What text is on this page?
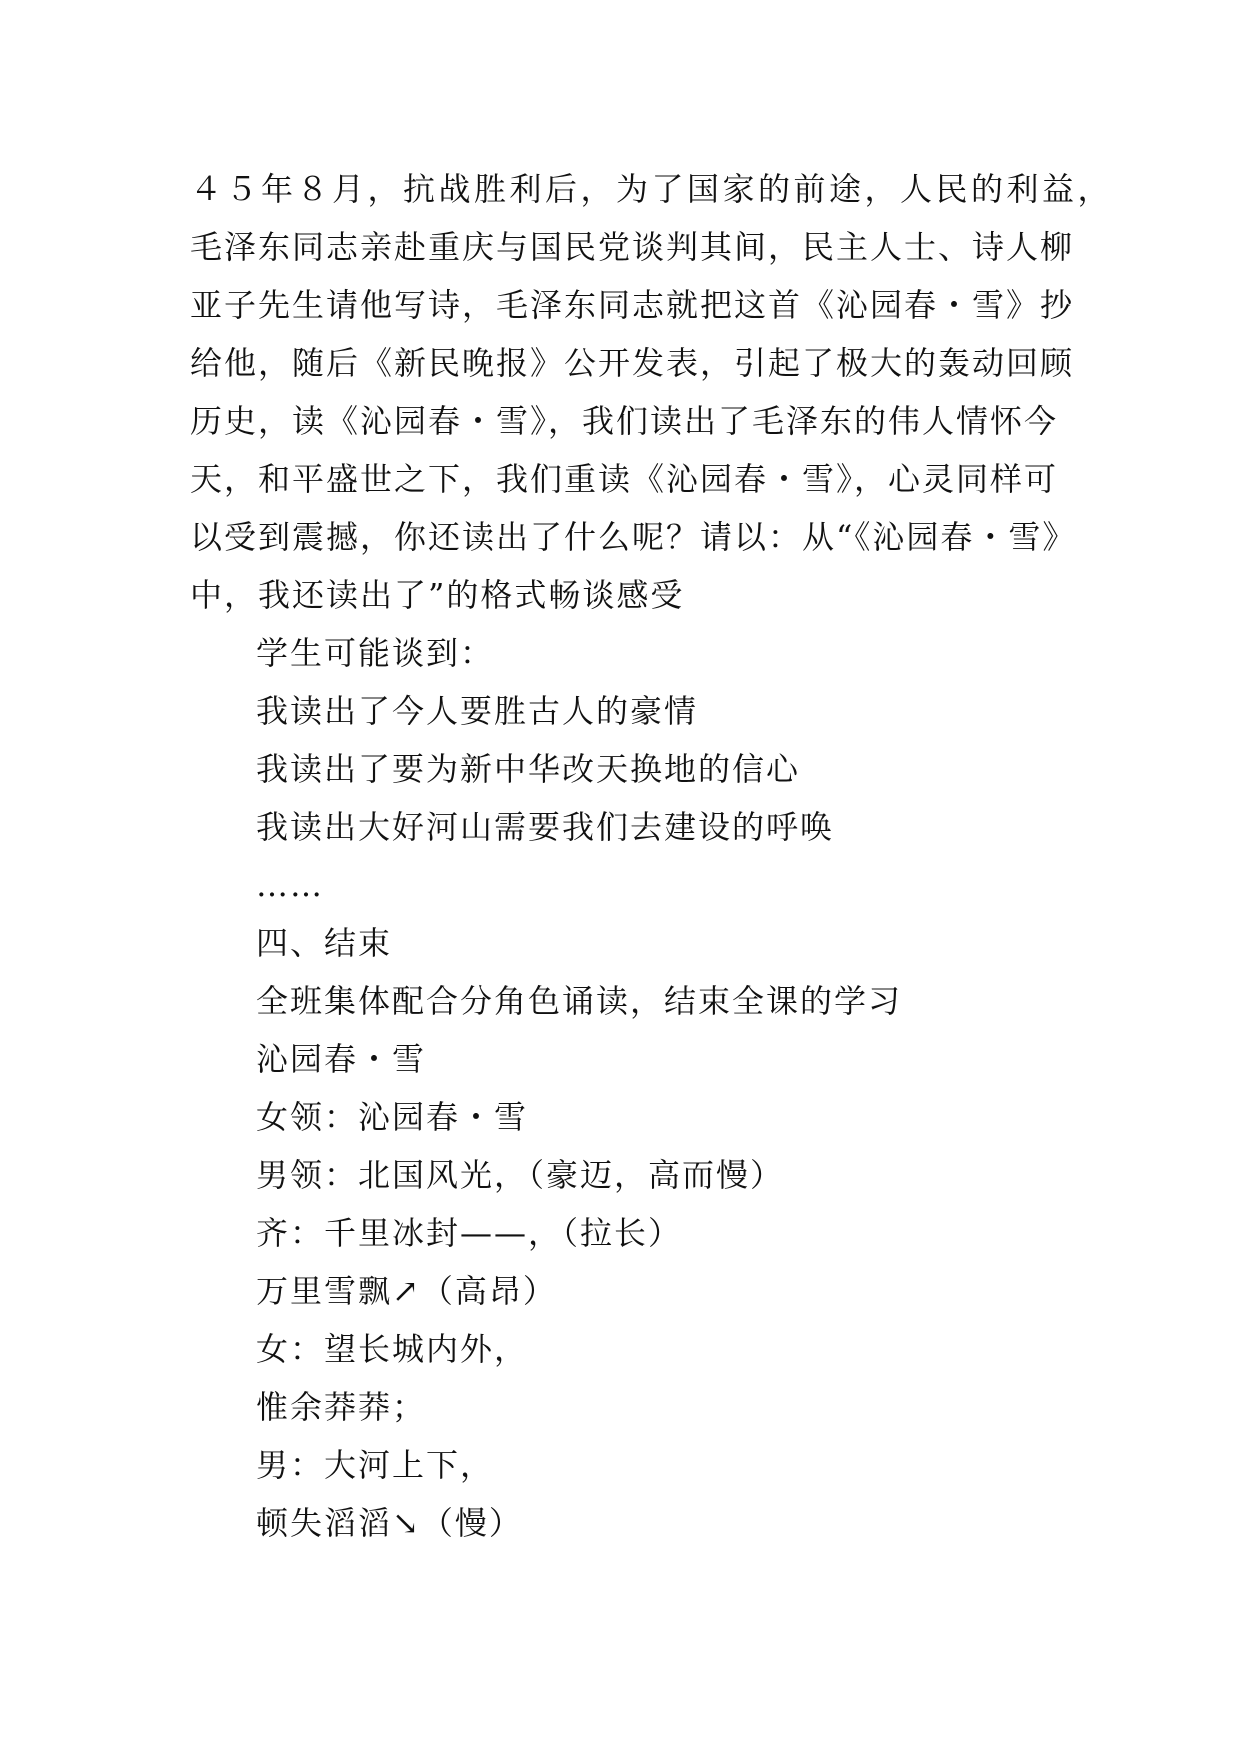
４５年８月，抗战胜利后，为了国家的前途，人民的利益，
毛泽东同志亲赴重庆与国民党谈判其间，民主人士、诗人柳
亚子先生请他写诗，毛泽东同志就把这首《沁园春・雪》抄
给他，随后《新民晚报》公开发表，引起了极大的轰动回顾
历史，读《沁园春・雪》，我们读出了毛泽东的伟人情怀今
天，和平盛世之下，我们重读《沁园春・雪》，心灵同样可
以受到震撼，你还读出了什么呢？请以：从“《沁园春・雪》
中，我还读出了”的格式畅谈感受
学生可能谈到：
我读出了今人要胜古人的豪情
我读出了要为新中华改天换地的信心
我读出大好河山需要我们去建设的呼唤
……
四、结束
全班集体配合分角色诵读，结束全课的学习
沁园春・雪
女领：沁园春・雪
男领：北国风光，（豪迈，高而慢）
齐：千里冰封——，（拉长）
万里雪飘↗（高昂）
女：望长城内外，
惟余莽莽；
男：大河上下，
顿失滔滔↘（慢）
